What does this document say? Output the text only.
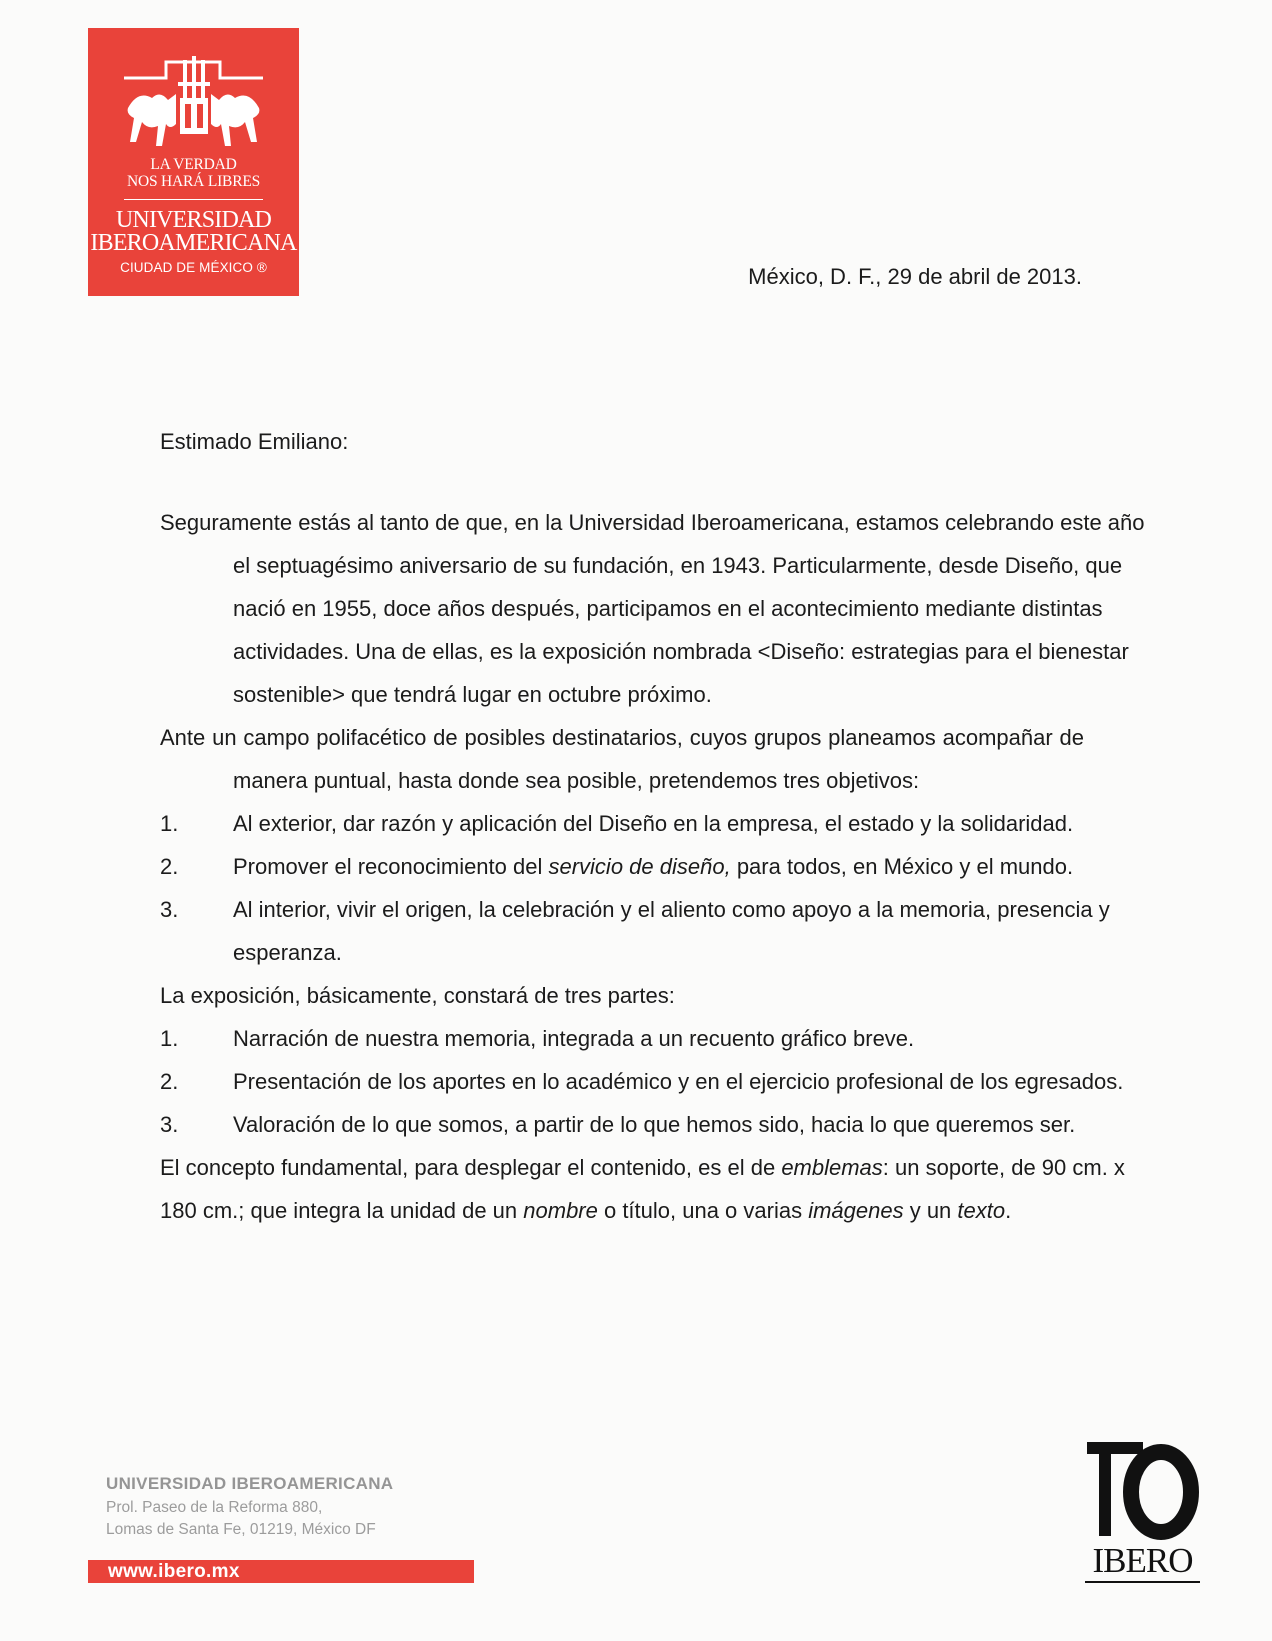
LA VERDAD
NOS HARÁ LIBRES
UNIVERSIDAD
IBEROAMERICANA
CIUDAD DE MÉXICO ®	México, D. F., 29 de abril de 2013.
Estimado Emiliano:
Seguramente estás al tanto de que, en la Universidad Iberoamericana, estamos celebrando este año
el septuagésimo aniversario de su fundación, en 1943. Particularmente, desde Diseño, que
nació en 1955, doce años después, participamos en el acontecimiento mediante distintas
actividades. Una de ellas, es la exposición nombrada <Diseño: estrategias para el bienestar
sostenible> que tendrá lugar en octubre próximo.
Ante un campo polifacético de posibles destinatarios, cuyos grupos planeamos acompañar de
manera puntual, hasta donde sea posible, pretendemos tres objetivos:
1. Al exterior, dar razón y aplicación del Diseño en la empresa, el estado y la solidaridad.
2. Promover el reconocimiento del servicio de diseño, para todos, en México y el mundo.
3. Al interior, vivir el origen, la celebración y el aliento como apoyo a la memoria, presencia y
esperanza.
La exposición, básicamente, constará de tres partes:
1. Narración de nuestra memoria, integrada a un recuento gráfico breve.
2. Presentación de los aportes en lo académico y en el ejercicio profesional de los egresados.
3. Valoración de lo que somos, a partir de lo que hemos sido, hacia lo que queremos ser.
El concepto fundamental, para desplegar el contenido, es el de emblemas: un soporte, de 90 cm. x
180 cm.; que integra la unidad de un nombre o título, una o varias imágenes y un texto.
UNIVERSIDAD IBEROAMERICANA
Prol. Paseo de la Reforma 880,
Lomas de Santa Fe, 01219, México DF
www.ibero.mx	IBERO
